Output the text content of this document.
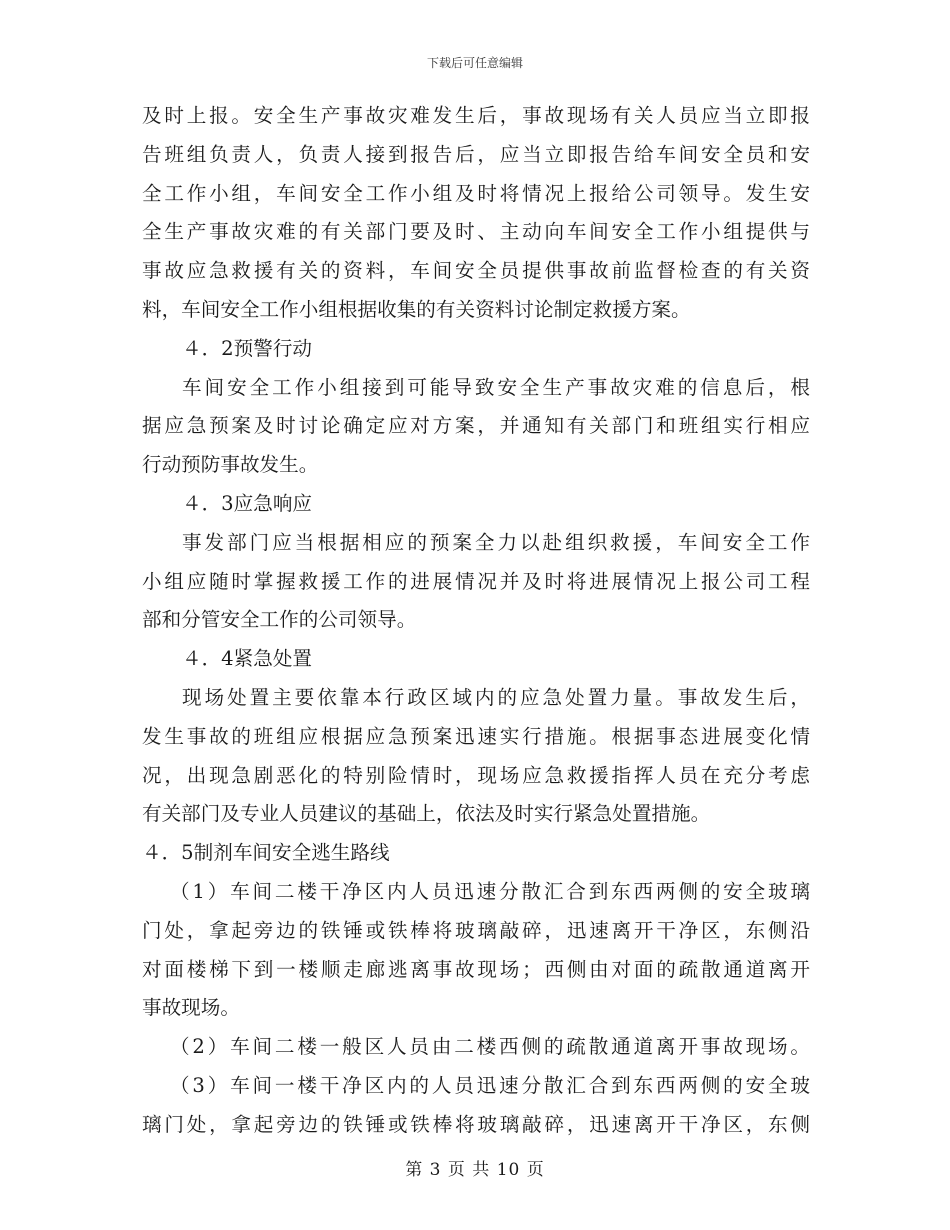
下载后可任意编辑
及时上报。安全生产事故灾难发生后，事故现场有关人员应当立即报
告班组负责人，负责人接到报告后，应当立即报告给车间安全员和安
全工作小组，车间安全工作小组及时将情况上报给公司领导。发生安
全生产事故灾难的有关部门要及时、主动向车间安全工作小组提供与
事故应急救援有关的资料，车间安全员提供事故前监督检查的有关资
料，车间安全工作小组根据收集的有关资料讨论制定救援方案。
４．2预警行动
车间安全工作小组接到可能导致安全生产事故灾难的信息后，根
据应急预案及时讨论确定应对方案，并通知有关部门和班组实行相应
行动预防事故发生。
４．3应急响应
事发部门应当根据相应的预案全力以赴组织救援，车间安全工作
小组应随时掌握救援工作的进展情况并及时将进展情况上报公司工程
部和分管安全工作的公司领导。
４．4紧急处置
现场处置主要依靠本行政区域内的应急处置力量。事故发生后，
发生事故的班组应根据应急预案迅速实行措施。根据事态进展变化情
况，出现急剧恶化的特别险情时，现场应急救援指挥人员在充分考虑
有关部门及专业人员建议的基础上，依法及时实行紧急处置措施。
４．5制剂车间安全逃生路线
（1）车间二楼干净区内人员迅速分散汇合到东西两侧的安全玻璃
门处，拿起旁边的铁锤或铁棒将玻璃敲碎，迅速离开干净区，东侧沿
对面楼梯下到一楼顺走廊逃离事故现场；西侧由对面的疏散通道离开
事故现场。
（2）车间二楼一般区人员由二楼西侧的疏散通道离开事故现场。
（3）车间一楼干净区内的人员迅速分散汇合到东西两侧的安全玻
璃门处，拿起旁边的铁锤或铁棒将玻璃敲碎，迅速离开干净区，东侧
第 3 页 共 10 页
